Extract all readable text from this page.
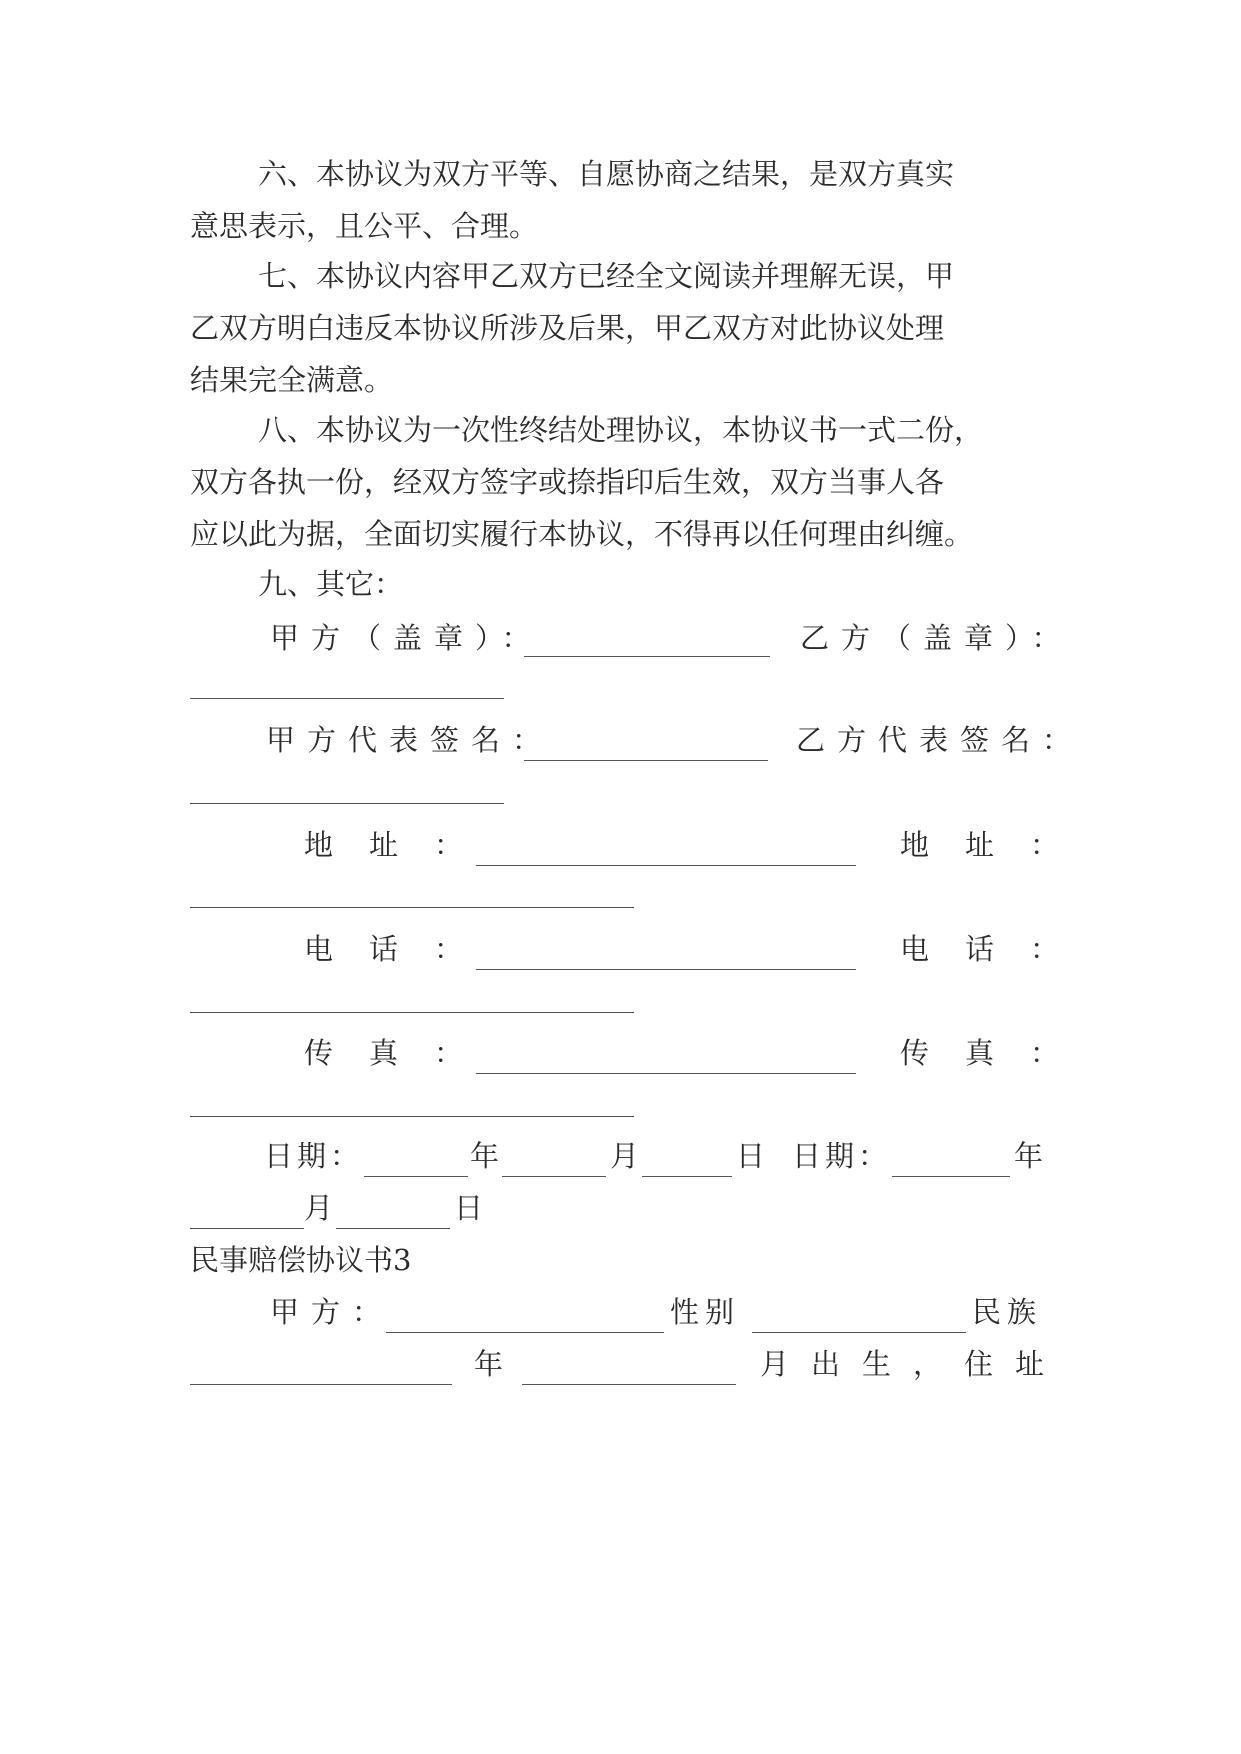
六、本协议为双方平等、自愿协商之结果，是双方真实
意思表示，且公平、合理。
七、本协议内容甲乙双方已经全文阅读并理解无误，甲
乙双方明白违反本协议所涉及后果，甲乙双方对此协议处理
结果完全满意。
八、本协议为一次性终结处理协议，本协议书一式二份，
双方各执一份，经双方签字或捺指印后生效，双方当事人各
应以此为据，全面切实履行本协议，不得再以任何理由纠缠。
九、其它：
甲方（盖章）：	乙方（盖章）：
甲方代表签名：	乙方代表签名：
地址：	地址：
电话：	电话：
传真：	传真：
日期：	年	月	日 日期：	年
月	日
民事赔偿协议书3
甲方：	性别	民族
年	月出生，住址
